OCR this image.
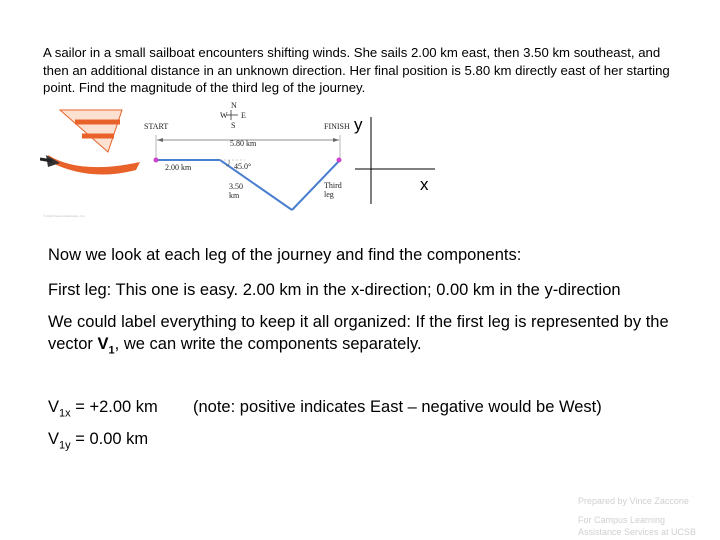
A sailor in a small sailboat encounters shifting winds. She sails 2.00 km east, then 3.50 km southeast, and then an additional distance in an unknown direction. Her final position is 5.80 km directly east of her starting point. Find the magnitude of the third leg of the journey.
N
W E
S
START	FINISH
5.80 km
2.00 km	45.0°
3.50
km
Third
leg
© 2011 Pearson Education, Inc.
y
x
Now we look at each leg of the journey and find the components:
First leg: This one is easy. 2.00 km in the x-direction; 0.00 km in the y-direction
We could label everything to keep it all organized: If the first leg is represented by the vector $V_1$, we can write the components separately.
$V_{1x} = +2.00$ km (note: positive indicates East – negative would be West)
$V_{1y} = 0.00$ km
Prepared by Vince Zaccone
For Campus Learning
Assistance Services at UCSB
